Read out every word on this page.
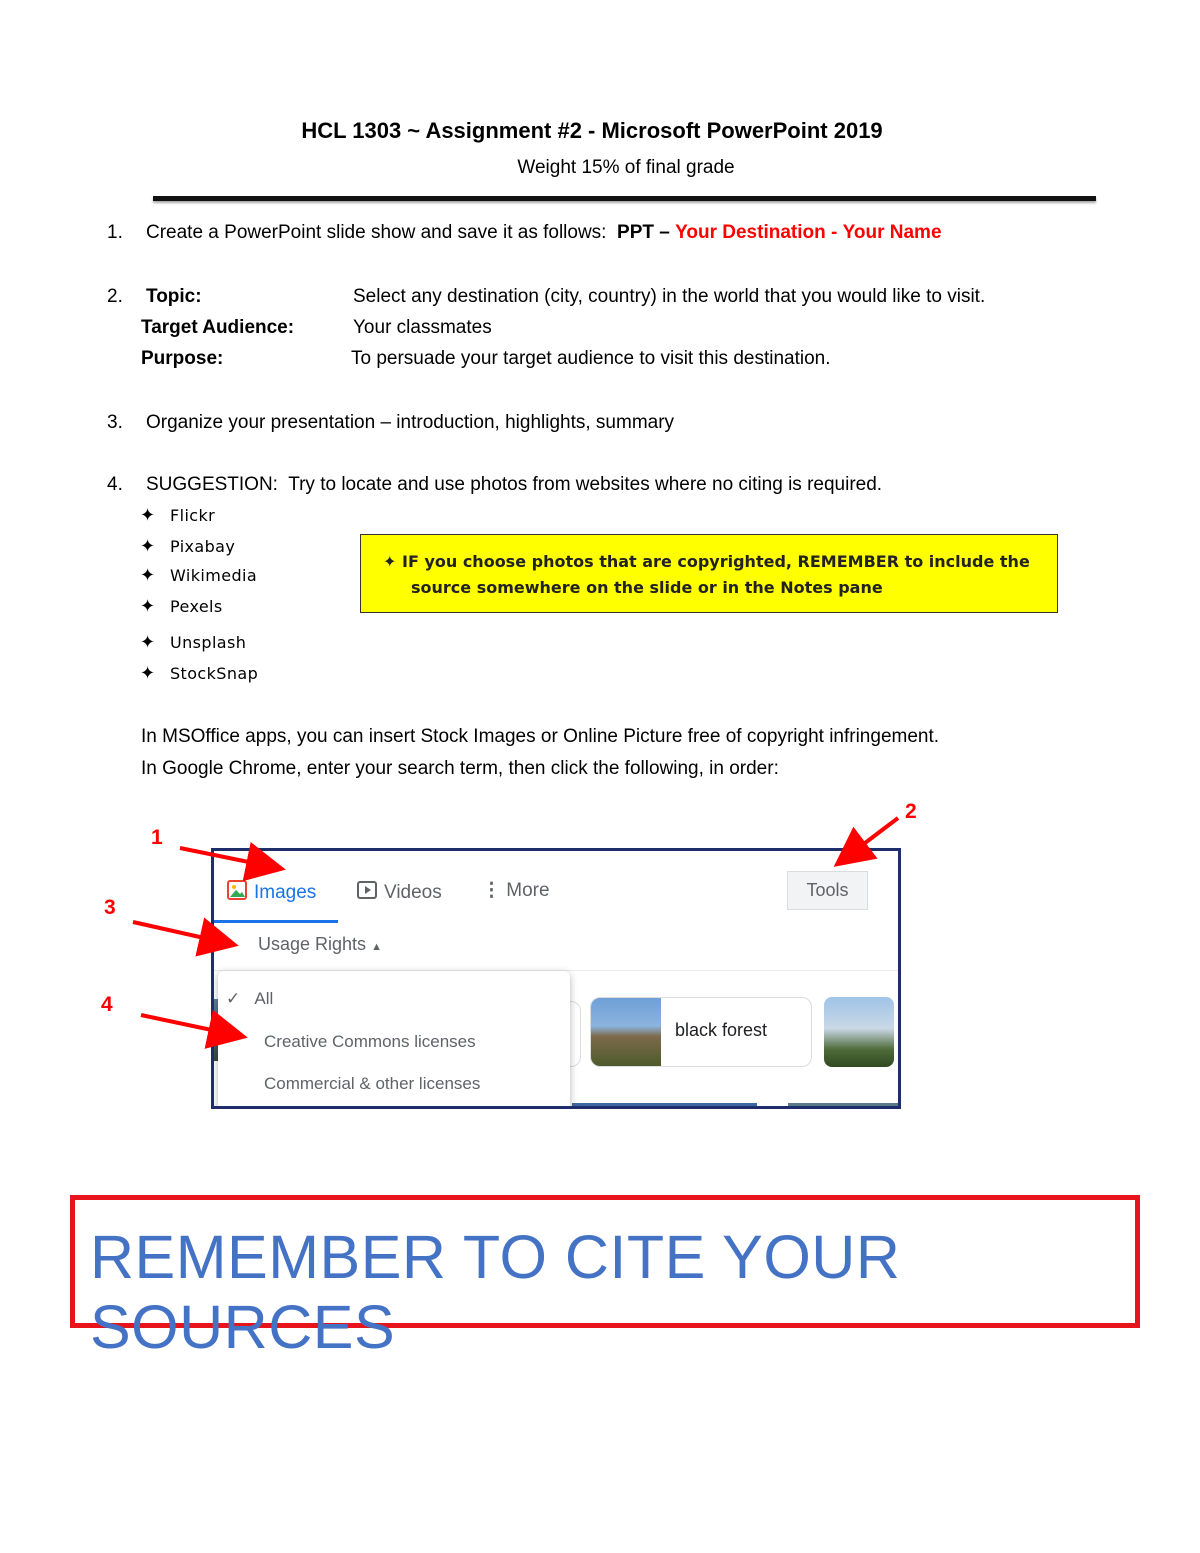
HCL 1303 ~ Assignment #2 - Microsoft PowerPoint 2019
Weight 15% of final grade
1. Create a PowerPoint slide show and save it as follows: PPT – Your Destination - Your Name
2. Topic:	Select any destination (city, country) in the world that you would like to visit.
Target Audience:	Your classmates
Purpose:	To persuade your target audience to visit this destination.
3. Organize your presentation – introduction, highlights, summary
4. SUGGESTION: Try to locate and use photos from websites where no citing is required.
✦ Flickr
✦ Pixabay
✦ Wikimedia
✦ Pexels
✦ Unsplash
✦ StockSnap
✦ IF you choose photos that are copyrighted, REMEMBER to include the
source somewhere on the slide or in the Notes pane
In MSOffice apps, you can insert Stock Images or Online Picture free of copyright infringement.
In Google Chrome, enter your search term, then click the following, in order:
Images	Videos ⋮ More	Tools
Usage Rights ▲
black forest
✓ All
Creative Commons licenses
Commercial & other licenses
1
2
3
4
REMEMBER TO CITE YOUR SOURCES
